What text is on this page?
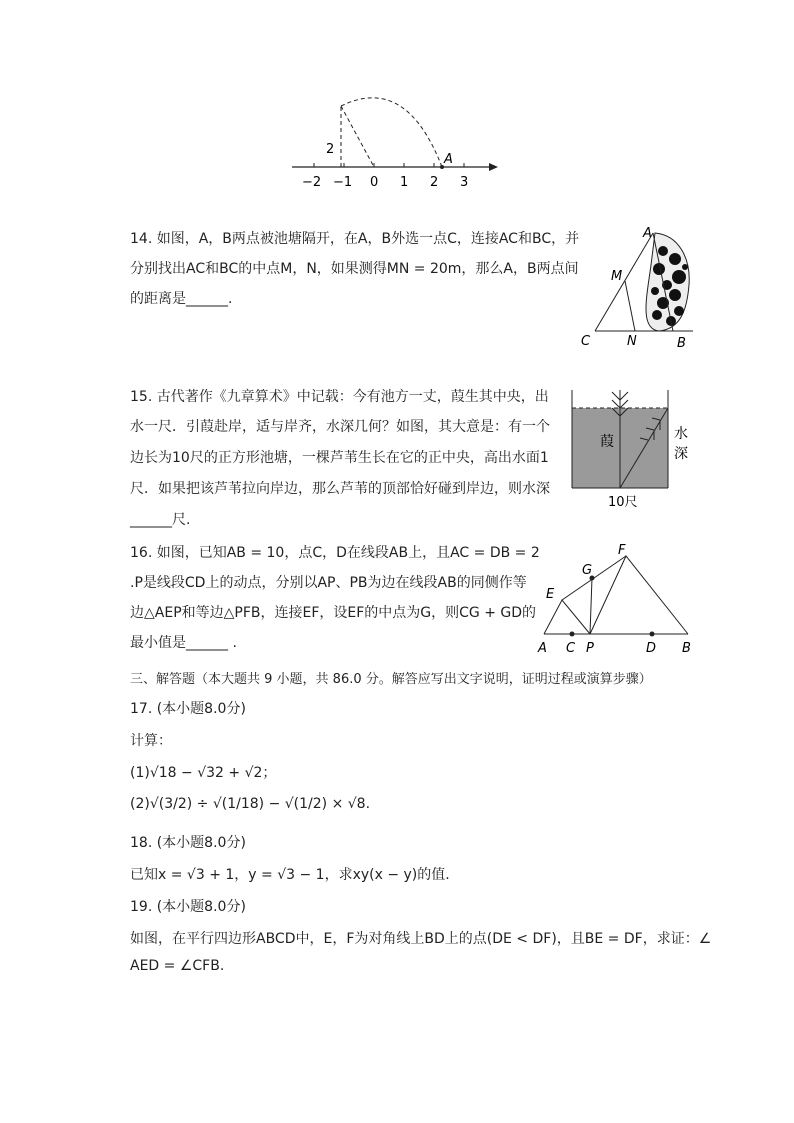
2
A
−2 −1 0 1 2 3
14. 如图，A，B两点被池塘隔开，在A，B外选一点C，连接AC和BC，并
分别找出AC和BC的中点M，N，如果测得MN = 20m，那么A，B两点间
的距离是______.
A
M
C	N	B
15. 古代著作《九章算术》中记载：今有池方一丈，葭生其中央，出
水一尺．引葭赴岸，适与岸齐，水深几何？如图，其大意是：有一个
边长为10尺的正方形池塘，一棵芦苇生长在它的正中央，高出水面1
尺．如果把该芦苇拉向岸边，那么芦苇的顶部恰好碰到岸边，则水深
______尺.
葭	水
深
10尺
16. 如图，已知AB = 10，点C，D在线段AB上，且AC = DB = 2
.P是线段CD上的动点，分别以AP、PB为边在线段AB的同侧作等
边△AEP和等边△PFB，连接EF，设EF的中点为G，则CG + GD的
最小值是______ .
F
G
E
A C P	D B
三、解答题（本大题共 9 小题，共 86.0 分。解答应写出文字说明，证明过程或演算步骤）
17. (本小题8.0分)
计算：
(1)√18 − √32 + √2；
(2)√(3/2) ÷ √(1/18) − √(1/2) × √8.
18. (本小题8.0分)
已知x = √3 + 1，y = √3 − 1，求xy(x − y)的值.
19. (本小题8.0分)
如图，在平行四边形ABCD中，E，F为对角线上BD上的点(DE < DF)，且BE = DF，求证：∠
AED = ∠CFB.
